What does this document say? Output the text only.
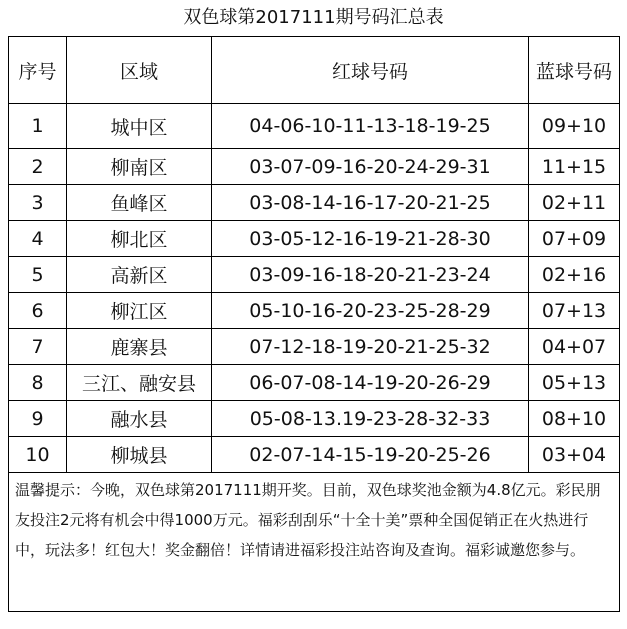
双色球第2017111期号码汇总表
序号	区域	红球号码	蓝球号码
1	城中区	04-06-10-11-13-18-19-25	09+10
2	柳南区	03-07-09-16-20-24-29-31	11+15
3	鱼峰区	03-08-14-16-17-20-21-25	02+11
4	柳北区	03-05-12-16-19-21-28-30	07+09
5	高新区	03-09-16-18-20-21-23-24	02+16
6	柳江区	05-10-16-20-23-25-28-29	07+13
7	鹿寨县	07-12-18-19-20-21-25-32	04+07
8	三江、融安县	06-07-08-14-19-20-26-29	05+13
9	融水县	05-08-13.19-23-28-32-33	08+10
10	柳城县	02-07-14-15-19-20-25-26	03+04
温馨提示：今晚，双色球第2017111期开奖。目前，双色球奖池金额为4.8亿元。彩民朋友投注2元将有机会中得1000万元。福彩刮刮乐“十全十美”票种全国促销正在火热进行中，玩法多！红包大！奖金翻倍！详情请进福彩投注站咨询及查询。福彩诚邀您参与。			
